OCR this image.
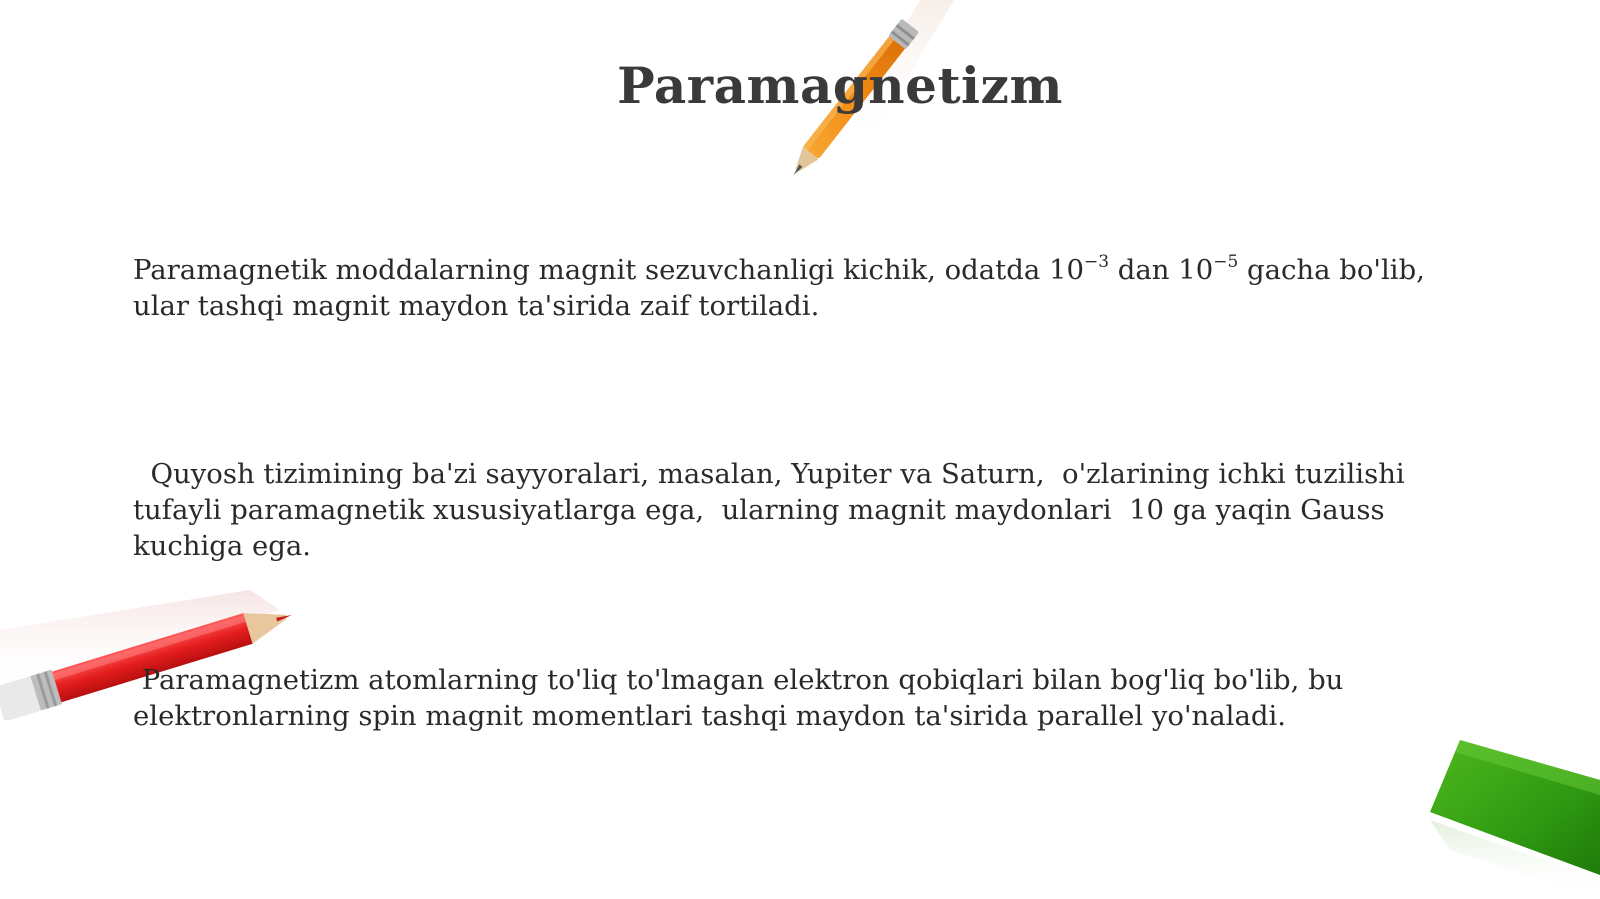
Paramagnetizm
Paramagnetik moddalarning magnit sezuvchanligi kichik, odatda $10^{-3}$ dan $10^{-5}$ gacha bo'lib, ular tashqi magnit maydon ta'sirida zaif tortiladi.
Quyosh tizimining ba'zi sayyoralari, masalan, Yupiter va Saturn,  o'zlarining ichki tuzilishi tufayli paramagnetik xususiyatlarga ega,  ularning magnit maydonlari  10 ga yaqin Gauss kuchiga ega.
Paramagnetizm atomlarning to'liq to'lmagan elektron qobiqlari bilan bog'liq bo'lib, bu elektronlarning spin magnit momentlari tashqi maydon ta'sirida parallel yo'naladi.
